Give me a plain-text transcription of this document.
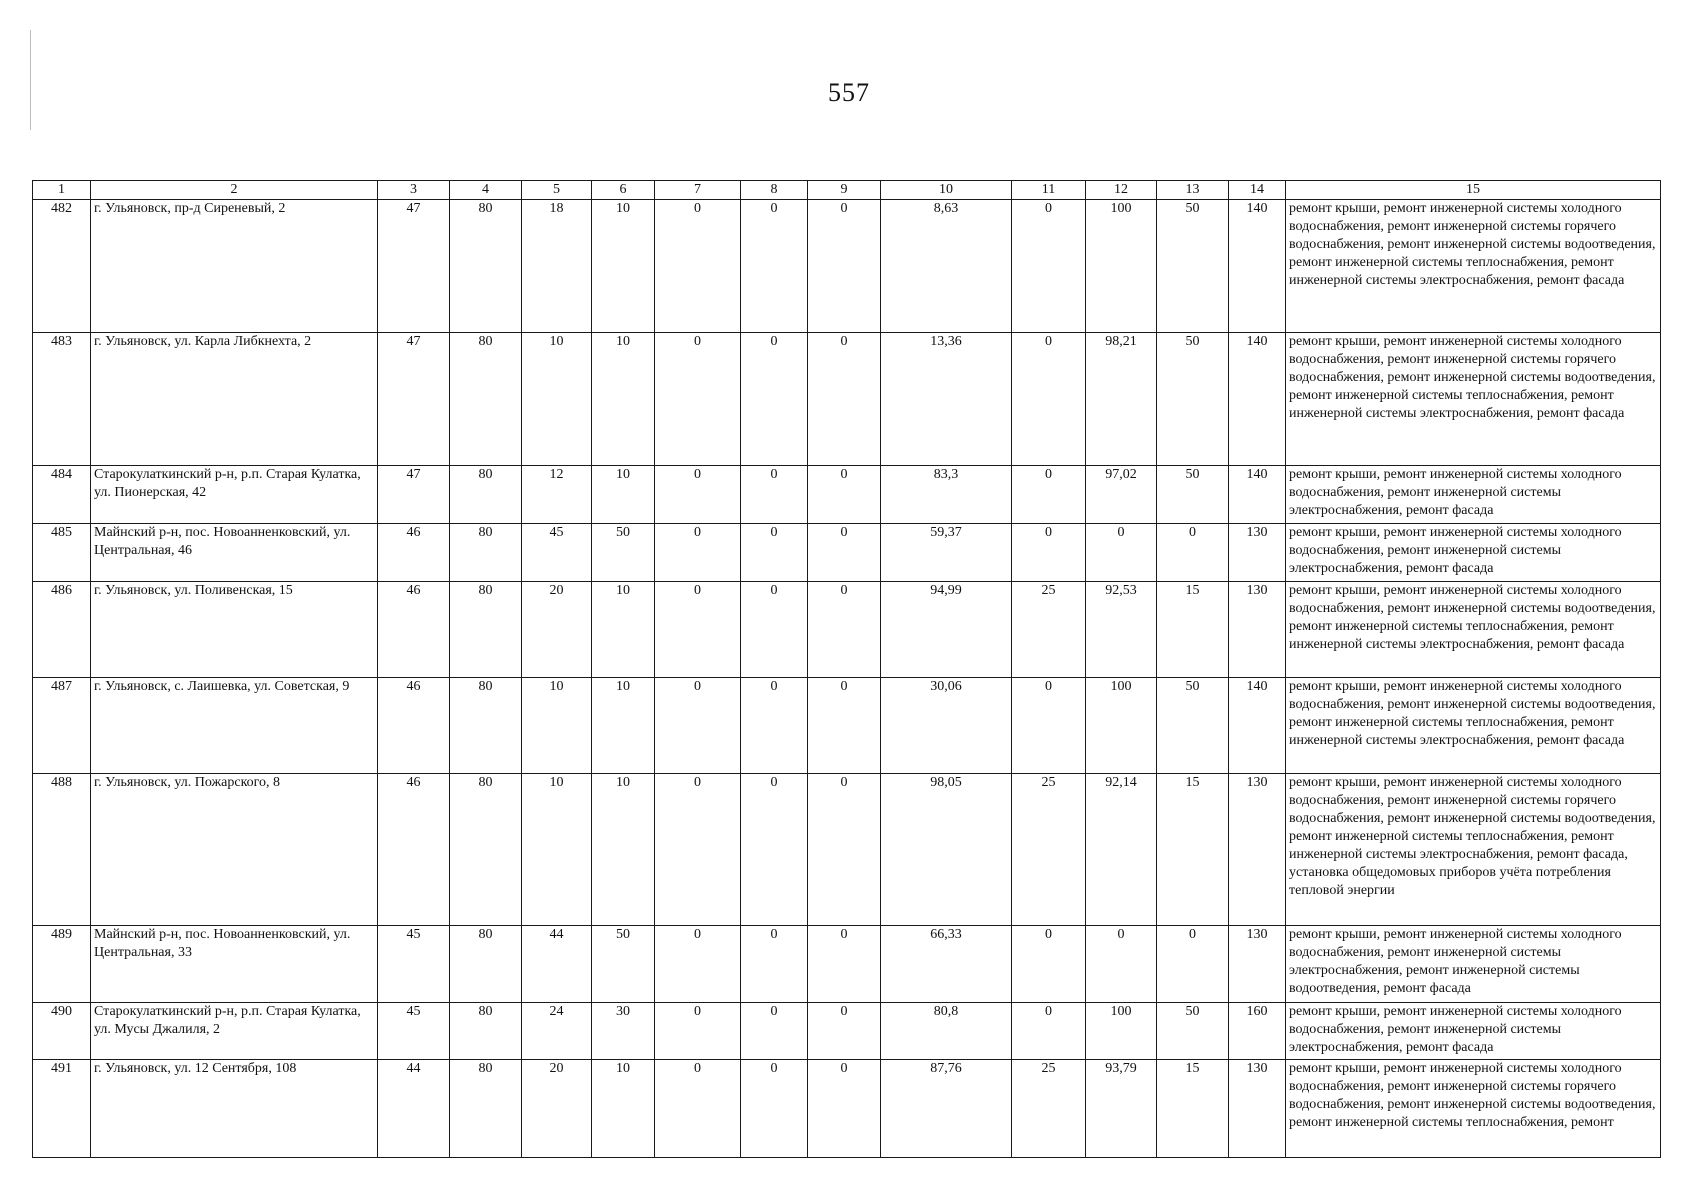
557
1	2	3	4	5	6	7	8	9	10	11	12	13	14	15
482	г. Ульяновск, пр-д Сиреневый, 2	47	80	18	10	0	0	0	8,63	0	100	50	140	ремонт крыши, ремонт инженерной системы холодного водоснабжения, ремонт инженерной системы горячего водоснабжения, ремонт инженерной системы водоотведения, ремонт инженерной системы теплоснабжения, ремонт инженерной системы электроснабжения, ремонт фасада
483	г. Ульяновск, ул. Карла Либкнехта, 2	47	80	10	10	0	0	0	13,36	0	98,21	50	140	ремонт крыши, ремонт инженерной системы холодного водоснабжения, ремонт инженерной системы горячего водоснабжения, ремонт инженерной системы водоотведения, ремонт инженерной системы теплоснабжения, ремонт инженерной системы электроснабжения, ремонт фасада
484	Старокулаткинский р-н, р.п. Старая Кулатка, ул. Пионерская, 42	47	80	12	10	0	0	0	83,3	0	97,02	50	140	ремонт крыши, ремонт инженерной системы холодного водоснабжения, ремонт инженерной системы электроснабжения, ремонт фасада
485	Майнский р-н, пос. Новоанненковский, ул. Центральная, 46	46	80	45	50	0	0	0	59,37	0	0	0	130	ремонт крыши, ремонт инженерной системы холодного водоснабжения, ремонт инженерной системы электроснабжения, ремонт фасада
486	г. Ульяновск, ул. Поливенская, 15	46	80	20	10	0	0	0	94,99	25	92,53	15	130	ремонт крыши, ремонт инженерной системы холодного водоснабжения, ремонт инженерной системы водоотведения, ремонт инженерной системы теплоснабжения, ремонт инженерной системы электроснабжения, ремонт фасада
487	г. Ульяновск, с. Лаишевка, ул. Советская, 9	46	80	10	10	0	0	0	30,06	0	100	50	140	ремонт крыши, ремонт инженерной системы холодного водоснабжения, ремонт инженерной системы водоотведения, ремонт инженерной системы теплоснабжения, ремонт инженерной системы электроснабжения, ремонт фасада
488	г. Ульяновск, ул. Пожарского, 8	46	80	10	10	0	0	0	98,05	25	92,14	15	130	ремонт крыши, ремонт инженерной системы холодного водоснабжения, ремонт инженерной системы горячего водоснабжения, ремонт инженерной системы водоотведения, ремонт инженерной системы теплоснабжения, ремонт инженерной системы электроснабжения, ремонт фасада, установка общедомовых приборов учёта потребления тепловой энергии
489	Майнский р-н, пос. Новоанненковский, ул. Центральная, 33	45	80	44	50	0	0	0	66,33	0	0	0	130	ремонт крыши, ремонт инженерной системы холодного водоснабжения, ремонт инженерной системы электроснабжения, ремонт инженерной системы водоотведения, ремонт фасада
490	Старокулаткинский р-н, р.п. Старая Кулатка, ул. Мусы Джалиля, 2	45	80	24	30	0	0	0	80,8	0	100	50	160	ремонт крыши, ремонт инженерной системы холодного водоснабжения, ремонт инженерной системы электроснабжения, ремонт фасада
491	г. Ульяновск, ул. 12 Сентября, 108	44	80	20	10	0	0	0	87,76	25	93,79	15	130	ремонт крыши, ремонт инженерной системы холодного водоснабжения, ремонт инженерной системы горячего водоснабжения, ремонт инженерной системы водоотведения, ремонт инженерной системы теплоснабжения, ремонт
